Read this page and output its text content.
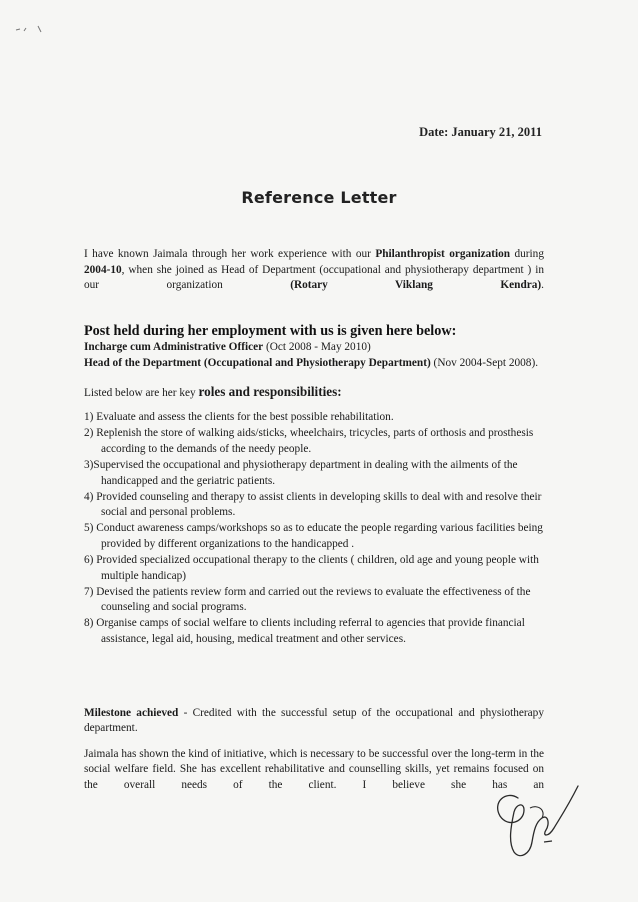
Date: January 21, 2011
Reference Letter

I have known Jaimala through her work experience with our Philanthropist organization during 2004-10, when she joined as Head of Department (occupational and physiotherapy department ) in our organization (Rotary Viklang Kendra).

Post held during her employment with us is given here below:
Incharge cum Administrative Officer (Oct 2008 - May 2010)
Head of the Department (Occupational and Physiotherapy Department) (Nov 2004-Sept 2008).

Listed below are her key roles and responsibilities:

1) Evaluate and assess the clients for the best possible rehabilitation.
2) Replenish the store of walking aids/sticks, wheelchairs, tricycles, parts of orthosis and prosthesis according to the demands of the needy people.
3)Supervised the occupational and physiotherapy department in dealing with the ailments of the handicapped and the geriatric patients.
4) Provided counseling and therapy to assist clients in developing skills to deal with and resolve their social and personal problems.
5) Conduct awareness camps/workshops so as to educate the people regarding various facilities being provided by different organizations to the handicapped .
6) Provided specialized occupational therapy to the clients ( children, old age and young people with multiple handicap)
7) Devised the patients review form and carried out the reviews to evaluate the effectiveness of the counseling and social programs.
8) Organise camps of social welfare to clients including referral to agencies that provide financial assistance, legal aid, housing, medical treatment and other services.

Milestone achieved - Credited with the successful setup of the occupational and physiotherapy department.

Jaimala has shown the kind of initiative, which is necessary to be successful over the long-term in the social welfare field. She has excellent rehabilitative and counselling skills, yet remains focused on the overall needs of the client. I believe she has an
